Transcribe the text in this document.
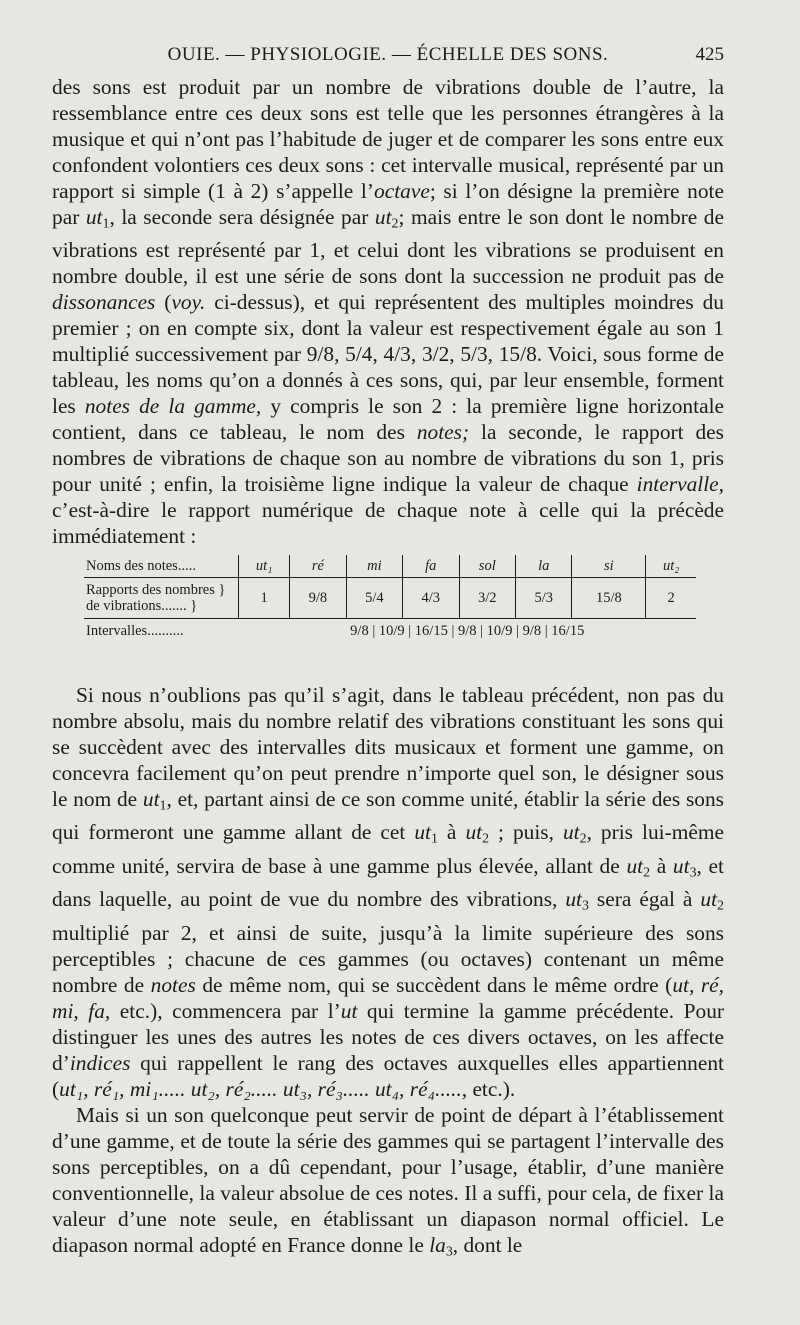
OUIE. — PHYSIOLOGIE. — ÉCHELLE DES SONS.	425

des sons est produit par un nombre de vibrations double de l’autre, la ressemblance entre ces deux sons est telle que les personnes étrangères à la musique et qui n’ont pas l’habitude de juger et de comparer les sons entre eux confondent volontiers ces deux sons : cet intervalle musical, représenté par un rapport si simple (1 à 2) s’appelle l’octave; si l’on désigne la première note par $ut_1$, la seconde sera désignée par $ut_2$; mais entre le son dont le nombre de vibrations est représenté par 1, et celui dont les vibrations se produisent en nombre double, il est une série de sons dont la succession ne produit pas de dissonances (voy. ci-dessus), et qui représentent des multiples moindres du premier ; on en compte six, dont la valeur est respectivement égale au son 1 multiplié successivement par 9/8, 5/4, 4/3, 3/2, 5/3, 15/8. Voici, sous forme de tableau, les noms qu’on a donnés à ces sons, qui, par leur ensemble, forment les notes de la gamme, y compris le son 2 : la première ligne horizontale contient, dans ce tableau, le nom des notes; la seconde, le rapport des nombres de vibrations de chaque son au nombre de vibrations du son 1, pris pour unité ; enfin, la troisième ligne indique la valeur de chaque intervalle, c’est-à-dire le rapport numérique de chaque note à celle qui la précède immédiatement :

Noms des notes.....	ut₁	ré	mi	fa	sol	la	si	ut₂
Rapports des nombres } de vibrations....... }	1	9/8	5/4	4/3	3/2	5/3	15/8	2
Intervalles..........	9/8 | 10/9 | 16/15 | 9/8 | 10/9 | 9/8 | 16/15							

Si nous n’oublions pas qu’il s’agit, dans le tableau précédent, non pas du nombre absolu, mais du nombre relatif des vibrations constituant les sons qui se succèdent avec des intervalles dits musicaux et forment une gamme, on concevra facilement qu’on peut prendre n’importe quel son, le désigner sous le nom de $ut_1$, et, partant ainsi de ce son comme unité, établir la série des sons qui formeront une gamme allant de cet $ut_1$ à $ut_2$ ; puis, $ut_2$, pris lui-même comme unité, servira de base à une gamme plus élevée, allant de $ut_2$ à $ut_3$, et dans laquelle, au point de vue du nombre des vibrations, $ut_3$ sera égal à $ut_2$ multiplié par 2, et ainsi de suite, jusqu’à la limite supérieure des sons perceptibles ; chacune de ces gammes (ou octaves) contenant un même nombre de notes de même nom, qui se succèdent dans le même ordre (ut, ré, mi, fa, etc.), commencera par l’ut qui termine la gamme précédente. Pour distinguer les unes des autres les notes de ces divers octaves, on les affecte d’indices qui rappellent le rang des octaves auxquelles elles appartiennent (ut₁, ré₁, mi₁..... ut₂, ré₂..... ut₃, ré₃..... ut₄, ré₄....., etc.).

Mais si un son quelconque peut servir de point de départ à l’établissement d’une gamme, et de toute la série des gammes qui se partagent l’intervalle des sons perceptibles, on a dû cependant, pour l’usage, établir, d’une manière conventionnelle, la valeur absolue de ces notes. Il a suffi, pour cela, de fixer la valeur d’une note seule, en établissant un diapason normal officiel. Le diapason normal adopté en France donne le $la_3$, dont le
